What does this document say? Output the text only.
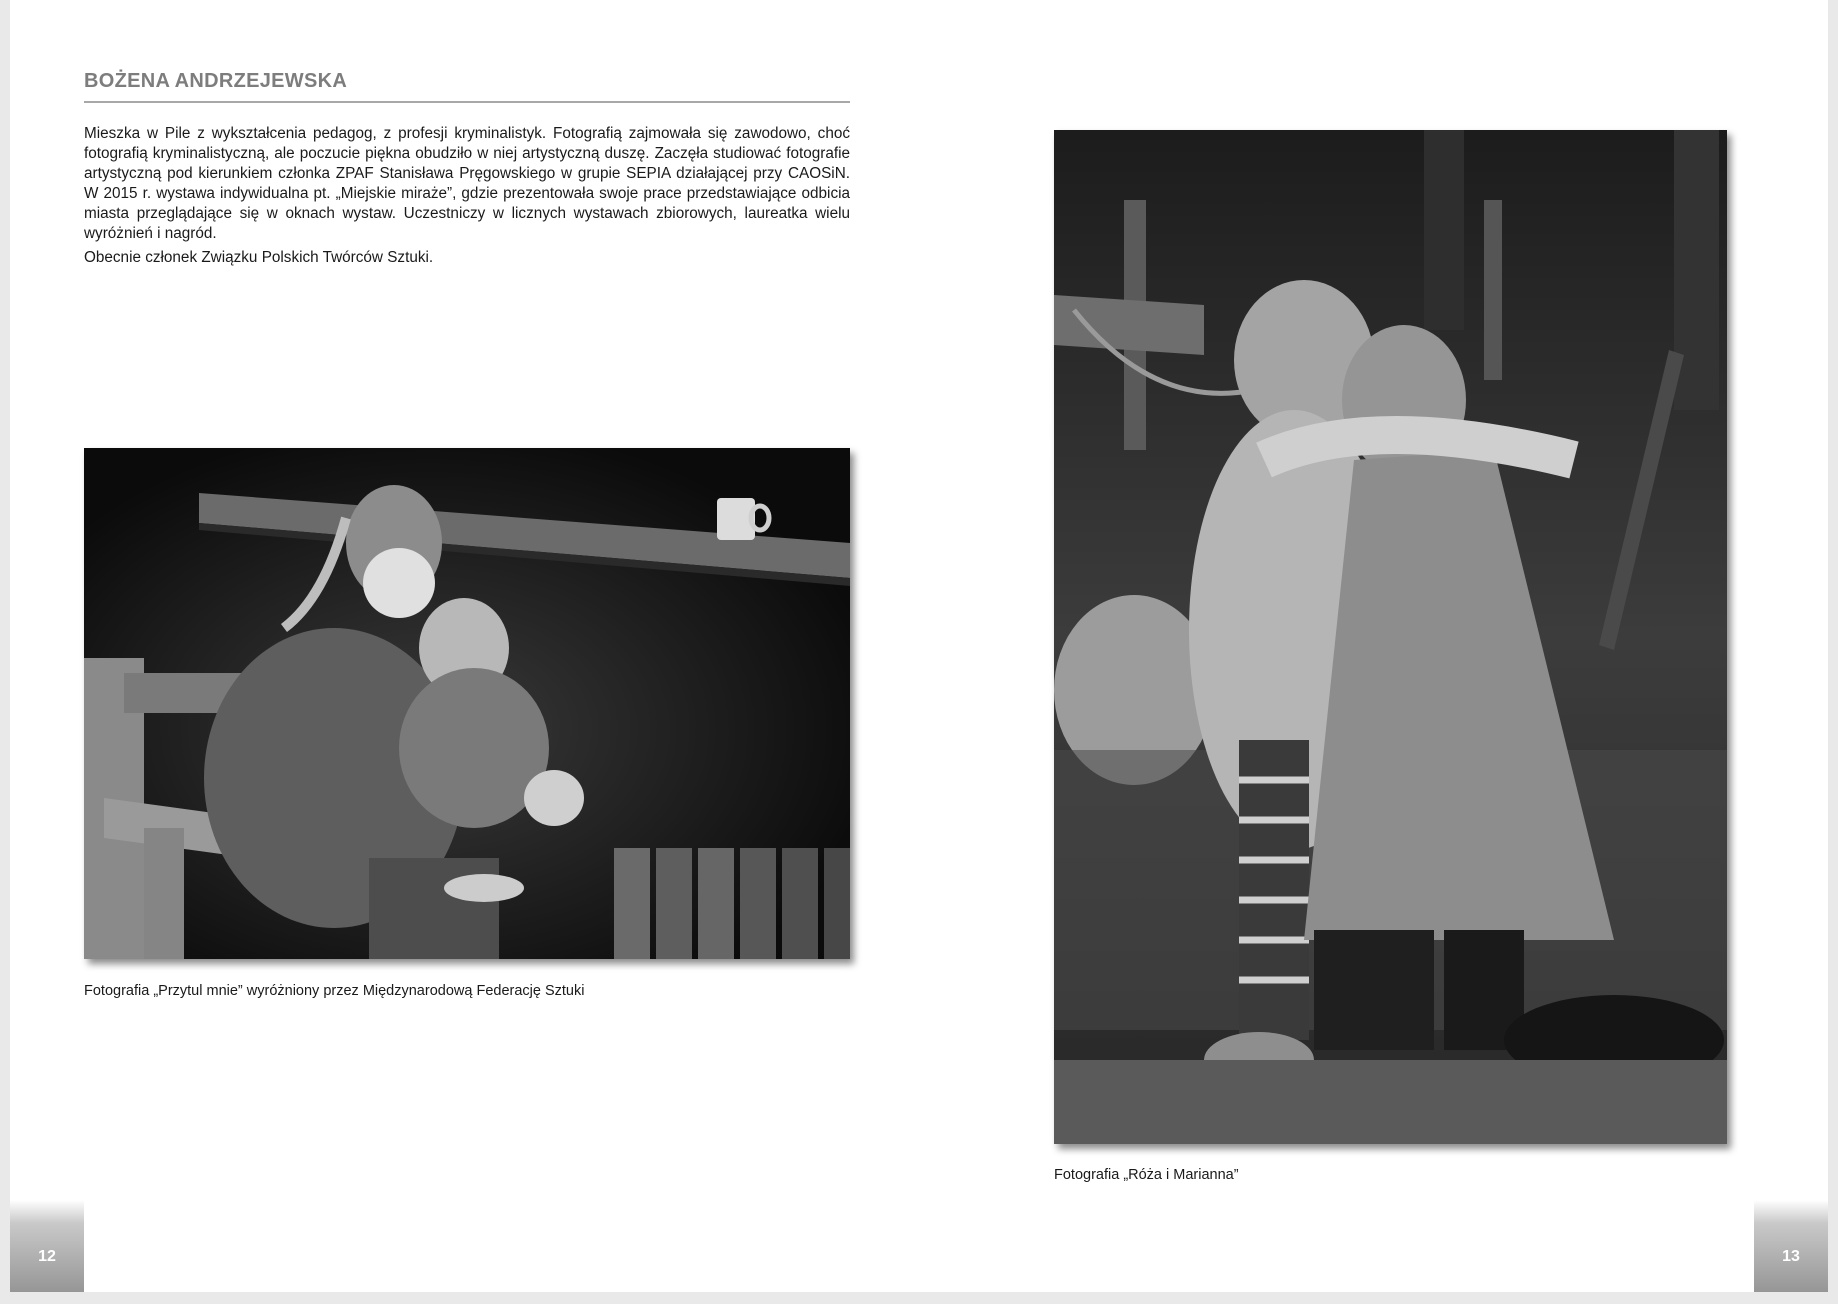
BOŻENA ANDRZEJEWSKA

Mieszka w Pile z wykształcenia pedagog, z profesji kryminalistyk. Fotografią zajmowała się zawodowo, choć fotografią kryminalistyczną, ale poczucie piękna obudziło w niej artystyczną duszę. Zaczęła studiować fotografie artystyczną pod kierunkiem członka ZPAF Stanisława Pręgowskiego w grupie SEPIA działającej przy CAOSiN. W 2015 r. wystawa indywidualna pt. „Miejskie miraże”, gdzie prezentowała swoje prace przedstawiające odbicia miasta przeglądające się w oknach wystaw. Uczestniczy w licznych wystawach zbiorowych, laureatka wielu wyróżnień i nagród.

Obecnie członek Związku Polskich Twórców Sztuki.

Fotografia „Przytul mnie” wyróżniony przez Międzynarodową Federację Sztuki
12
Fotografia „Róża i Marianna”
13
